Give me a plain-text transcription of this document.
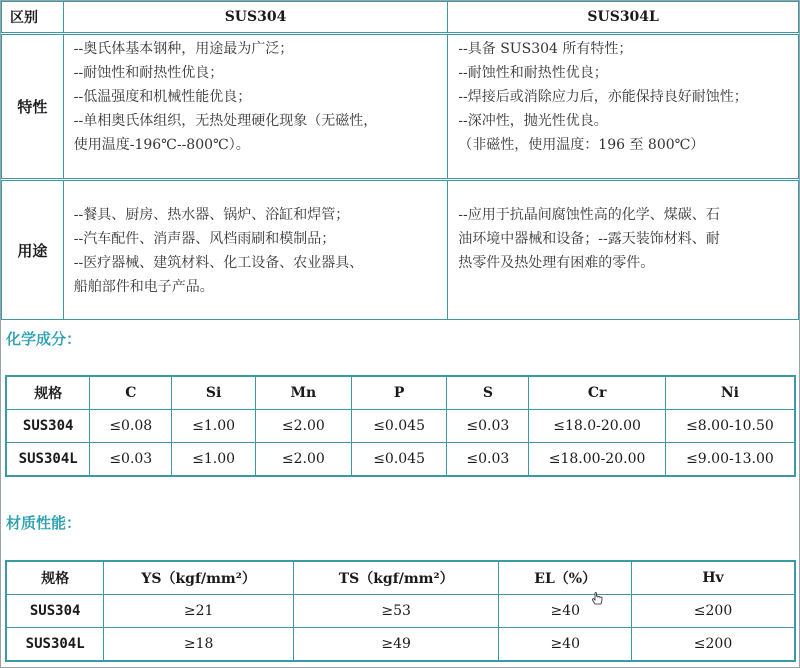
区别	SUS304	SUS304L
特性	--奥氏体基本钢种，用途最为广泛；
--耐蚀性和耐热性优良；
--低温强度和机械性能优良；
--单相奥氏体组织，无热处理硬化现象（无磁性，
使用温度-196℃--800℃）。	--具备 SUS304 所有特性；
--耐蚀性和耐热性优良；
--焊接后或消除应力后，亦能保持良好耐蚀性；
--深冲性，抛光性优良。
（非磁性，使用温度：196 至 800℃）

用途	--餐具、厨房、热水器、锅炉、浴缸和焊管；
--汽车配件、消声器、风档雨刷和模制品；
--医疗器械、建筑材料、化工设备、农业器具、
船舶部件和电子产品。	--应用于抗晶间腐蚀性高的化学、煤碳、石
油环境中器械和设备；--露天装饰材料、耐
热零件及热处理有困难的零件。
化学成分：
规格	C	Si	Mn	P	S	Cr	Ni
SUS304	≤0.08	≤1.00	≤2.00	≤0.045	≤0.03	≤18.0-20.00	≤8.00-10.50
SUS304L	≤0.03	≤1.00	≤2.00	≤0.045	≤0.03	≤18.00-20.00	≤9.00-13.00
材质性能：
规格	YS（kgf/mm²）	TS（kgf/mm²）	EL（%）	Hv
SUS304	≥21	≥53	≥40	≤200
SUS304L	≥18	≥49	≥40	≤200
